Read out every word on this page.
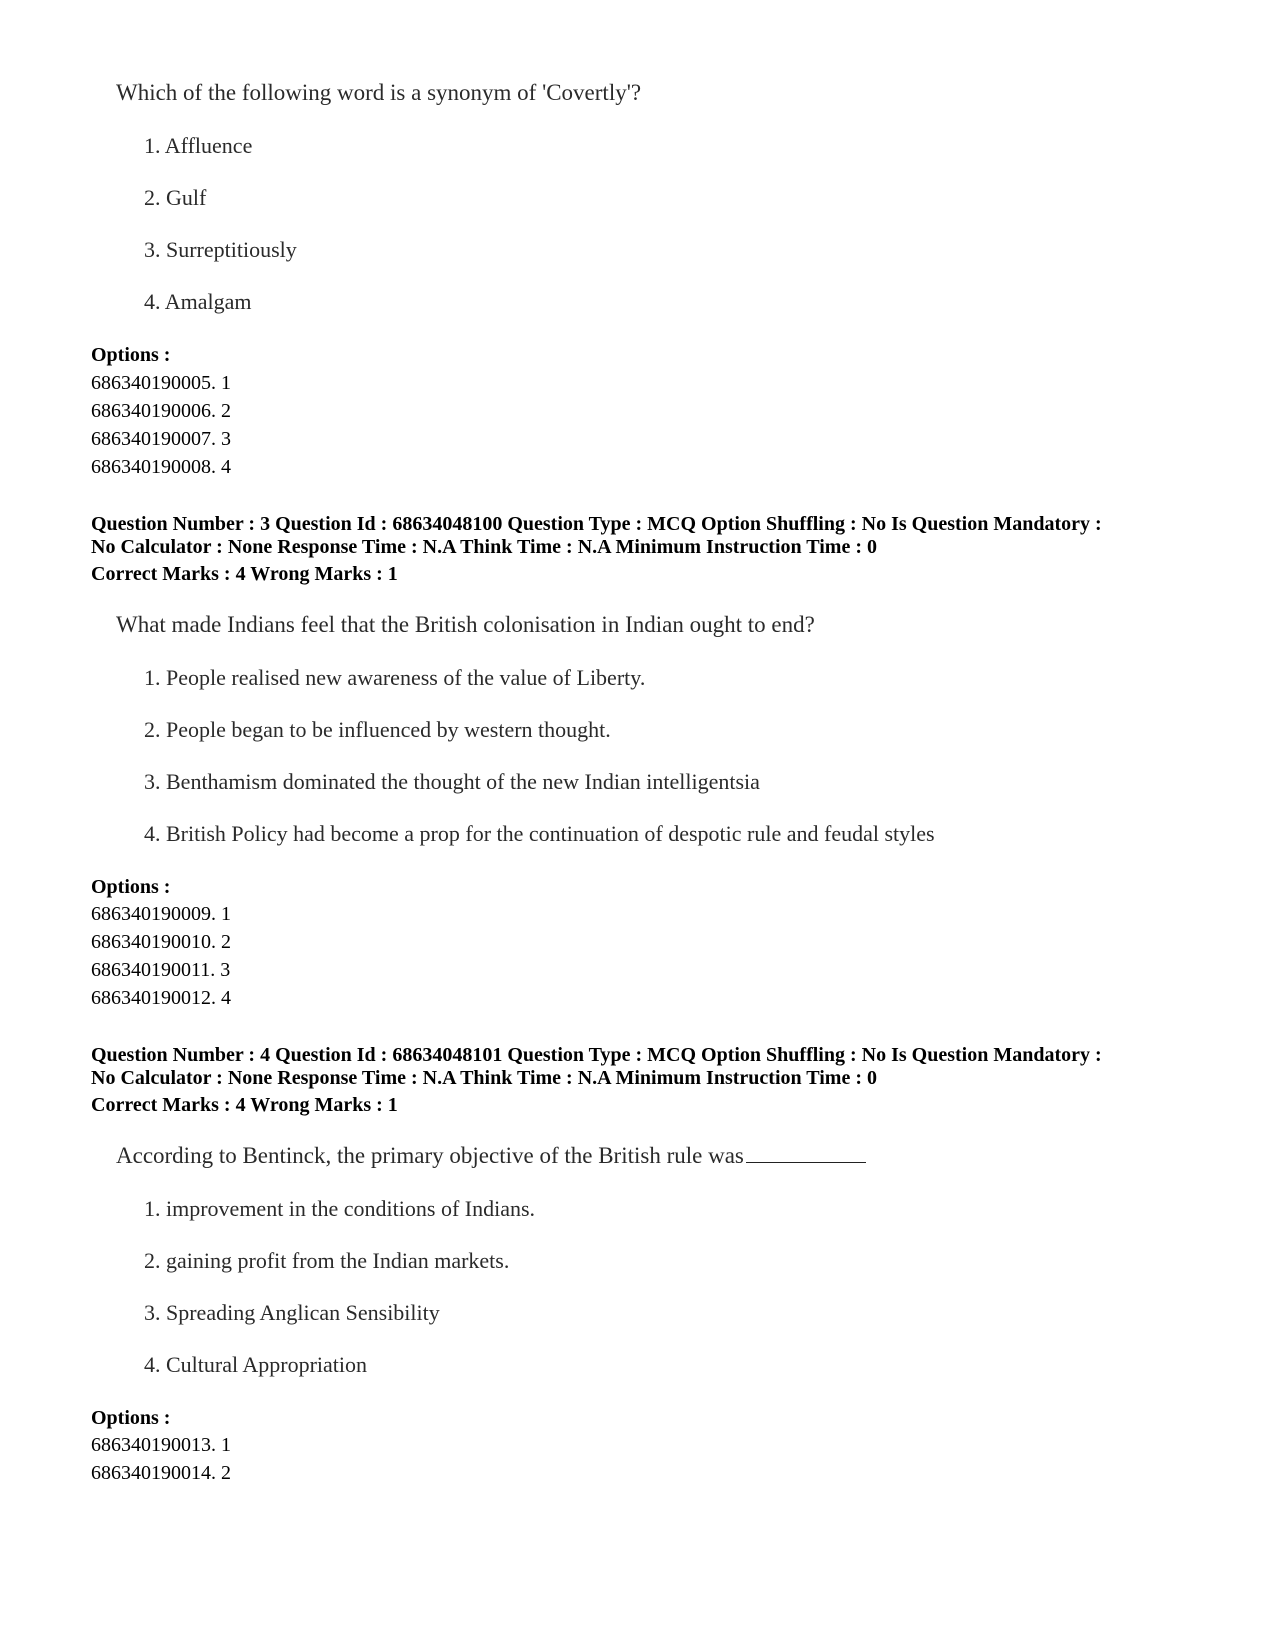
Which of the following word is a synonym of 'Covertly'?
1. Affluence
2. Gulf
3. Surreptitiously
4. Amalgam
Options :
686340190005. 1
686340190006. 2
686340190007. 3
686340190008. 4
Question Number : 3 Question Id : 68634048100 Question Type : MCQ Option Shuffling : No Is Question Mandatory :
No Calculator : None Response Time : N.A Think Time : N.A Minimum Instruction Time : 0
Correct Marks : 4 Wrong Marks : 1
What made Indians feel that the British colonisation in Indian ought to end?
1. People realised new awareness of the value of Liberty.
2. People began to be influenced by western thought.
3. Benthamism dominated the thought of the new Indian intelligentsia
4. British Policy had become a prop for the continuation of despotic rule and feudal styles
Options :
686340190009. 1
686340190010. 2
686340190011. 3
686340190012. 4
Question Number : 4 Question Id : 68634048101 Question Type : MCQ Option Shuffling : No Is Question Mandatory :
No Calculator : None Response Time : N.A Think Time : N.A Minimum Instruction Time : 0
Correct Marks : 4 Wrong Marks : 1
According to Bentinck, the primary objective of the British rule was
1. improvement in the conditions of Indians.
2. gaining profit from the Indian markets.
3. Spreading Anglican Sensibility
4. Cultural Appropriation
Options :
686340190013. 1
686340190014. 2
